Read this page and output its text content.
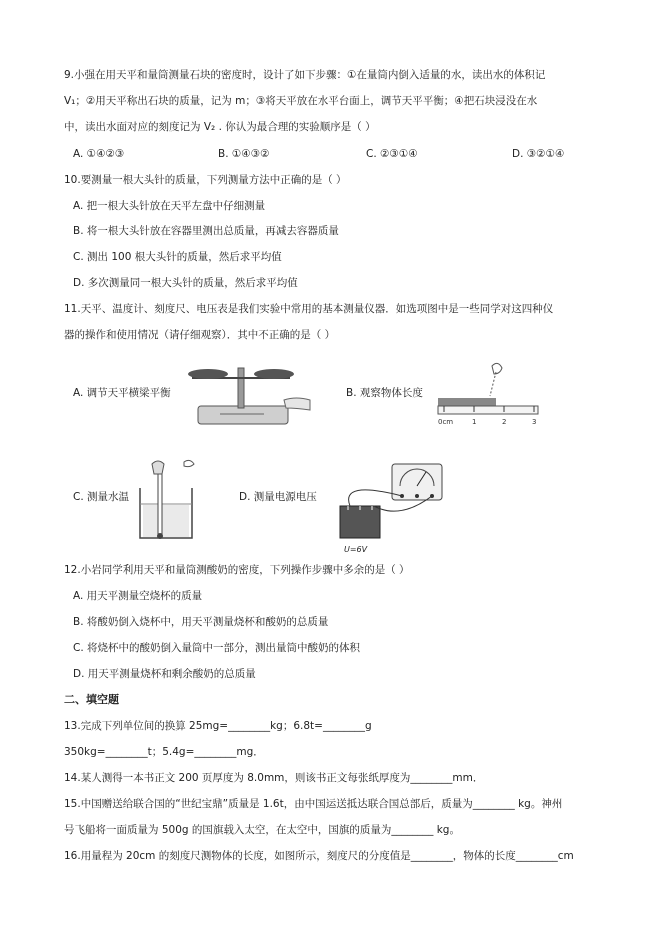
9.小强在用天平和量筒测量石块的密度时，设计了如下步骤：①在量筒内倒入适量的水，读出水的体积记
V₁；②用天平称出石块的质量，记为 m；③将天平放在水平台面上，调节天平平衡；④把石块浸没在水
中，读出水面对应的刻度记为 V₂ . 你认为最合理的实验顺序是（ ）
A. ①④②③	B. ①④③②	C. ②③①④	D. ③②①④
10.要测量一根大头针的质量，下列测量方法中正确的是（ ）
A. 把一根大头针放在天平左盘中仔细测量
B. 将一根大头针放在容器里测出总质量，再减去容器质量
C. 测出 100 根大头针的质量，然后求平均值
D. 多次测量同一根大头针的质量，然后求平均值
11.天平、温度计、刻度尺、电压表是我们实验中常用的基本测量仪器．如选项图中是一些同学对这四种仪
器的操作和使用情况（请仔细观察）．其中不正确的是（ ）
A. 调节天平横梁平衡	B. 观察物体长度
0cm	1	2	3
C. 测量水温	D. 测量电源电压
U=6V
12.小岩同学利用天平和量筒测酸奶的密度，下列操作步骤中多余的是（ ）
A. 用天平测量空烧杯的质量
B. 将酸奶倒入烧杯中，用天平测量烧杯和酸奶的总质量
C. 将烧杯中的酸奶倒入量筒中一部分，测出量筒中酸奶的体积
D. 用天平测量烧杯和剩余酸奶的总质量
二、填空题
13.完成下列单位间的换算 25mg=________kg；6.8t=________g
350kg=________t；5.4g=________mg．
14.某人测得一本书正文 200 页厚度为 8.0mm，则该书正文每张纸厚度为________mm．
15.中国赠送给联合国的“世纪宝鼎”质量是 1.6t，由中国运送抵达联合国总部后，质量为________ kg。神州
号飞船将一面质量为 500g 的国旗载入太空，在太空中，国旗的质量为________ kg。
16.用量程为 20cm 的刻度尺测物体的长度，如图所示，刻度尺的分度值是________，物体的长度________cm
